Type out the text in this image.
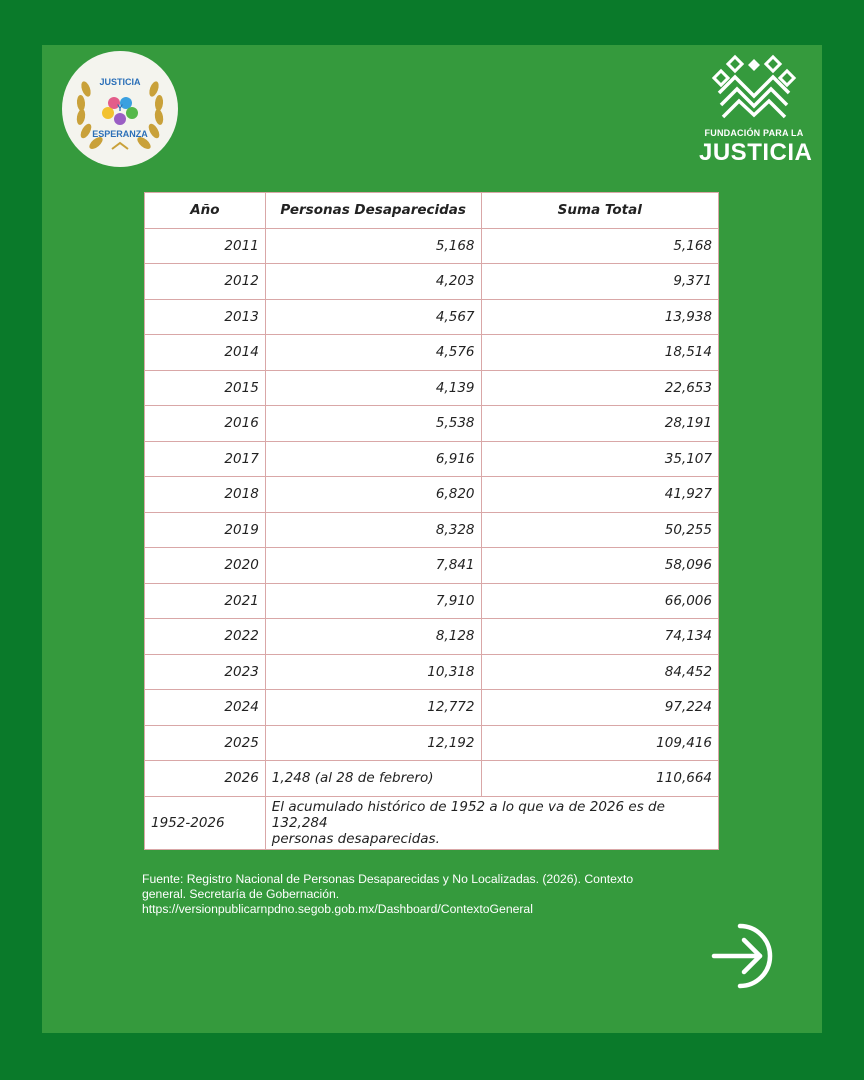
JUSTICIA
Y
ESPERANZA	FUNDACIÓN PARA LA
JUSTICIA
Año	Personas Desaparecidas	Suma Total
2011	5,168	5,168
2012	4,203	9,371
2013	4,567	13,938
2014	4,576	18,514
2015	4,139	22,653
2016	5,538	28,191
2017	6,916	35,107
2018	6,820	41,927
2019	8,328	50,255
2020	7,841	58,096
2021	7,910	66,006
2022	8,128	74,134
2023	10,318	84,452
2024	12,772	97,224
2025	12,192	109,416
2026	1,248 (al 28 de febrero)	110,664
1952-2026	El acumulado histórico de 1952 a lo que va de 2026 es de 132,284
personas desaparecidas.	
Fuente: Registro Nacional de Personas Desaparecidas y No Localizadas. (2026). Contexto
general. Secretaría de Gobernación.
https://versionpublicarnpdno.segob.gob.mx/Dashboard/ContextoGeneral
